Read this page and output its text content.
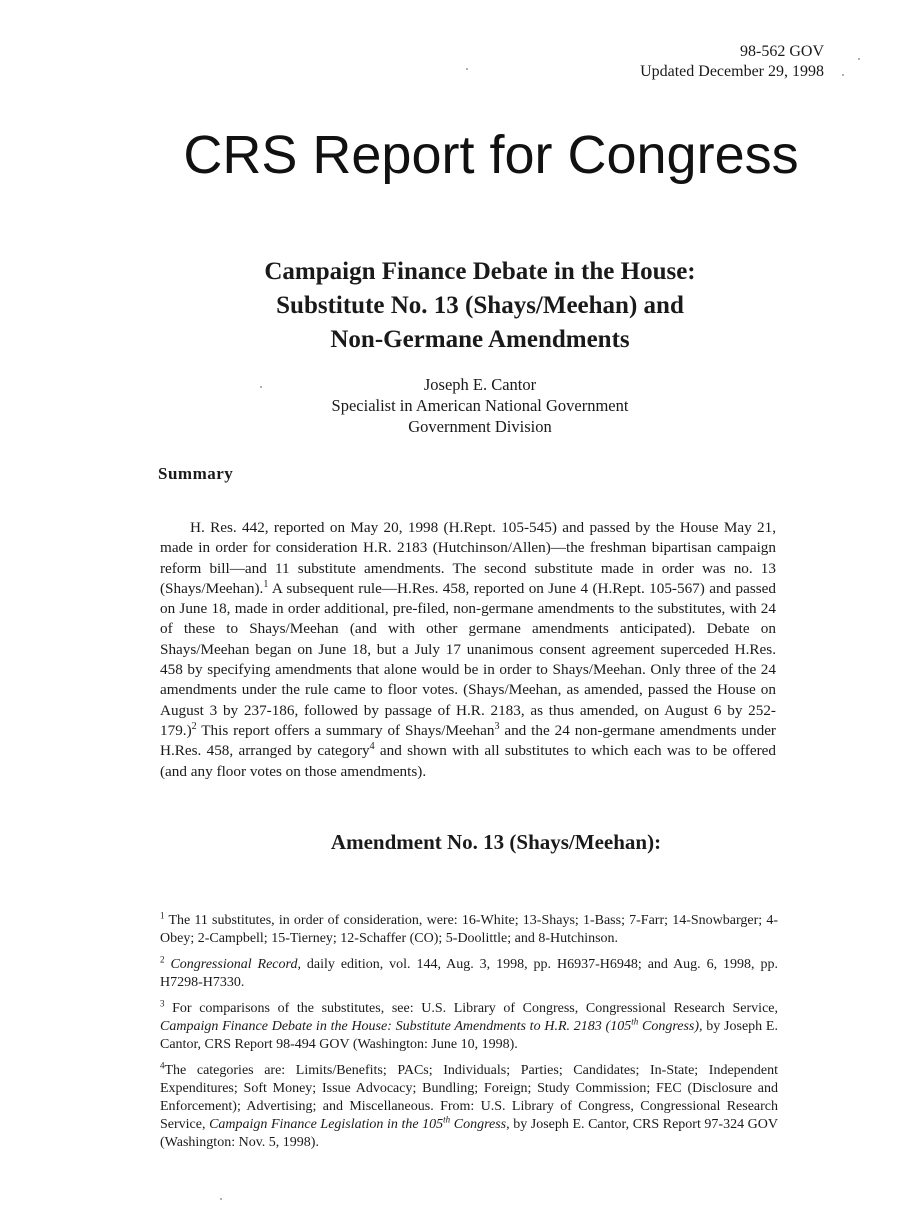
98-562 GOV
Updated December 29, 1998
CRS Report for Congress
Campaign Finance Debate in the House:
Substitute No. 13 (Shays/Meehan) and
Non-Germane Amendments
Joseph E. Cantor
Specialist in American National Government
Government Division
Summary

H. Res. 442, reported on May 20, 1998 (H.Rept. 105-545) and passed by the House May 21, made in order for consideration H.R. 2183 (Hutchinson/Allen)—the freshman bipartisan campaign reform bill—and 11 substitute amendments. The second substitute made in order was no. 13 (Shays/Meehan).$^1$ A subsequent rule—H.Res. 458, reported on June 4 (H.Rept. 105-567) and passed on June 18, made in order additional, pre-filed, non-germane amendments to the substitutes, with 24 of these to Shays/Meehan (and with other germane amendments anticipated). Debate on Shays/Meehan began on June 18, but a July 17 unanimous consent agreement superceded H.Res. 458 by specifying amendments that alone would be in order to Shays/Meehan. Only three of the 24 amendments under the rule came to floor votes. (Shays/Meehan, as amended, passed the House on August 3 by 237-186, followed by passage of H.R. 2183, as thus amended, on August 6 by 252-179.)$^2$ This report offers a summary of Shays/Meehan$^3$ and the 24 non-germane amendments under H.Res. 458, arranged by category$^4$ and shown with all substitutes to which each was to be offered (and any floor votes on those amendments).

Amendment No. 13 (Shays/Meehan):

$^1$ The 11 substitutes, in order of consideration, were: 16-White; 13-Shays; 1-Bass; 7-Farr; 14-Snowbarger; 4-Obey; 2-Campbell; 15-Tierney; 12-Schaffer (CO); 5-Doolittle; and 8-Hutchinson.

$^2$ Congressional Record, daily edition, vol. 144, Aug. 3, 1998, pp. H6937-H6948; and Aug. 6, 1998, pp. H7298-H7330.

$^3$ For comparisons of the substitutes, see: U.S. Library of Congress, Congressional Research Service, Campaign Finance Debate in the House: Substitute Amendments to H.R. 2183 (105th Congress), by Joseph E. Cantor, CRS Report 98-494 GOV (Washington: June 10, 1998).

$^4$The categories are: Limits/Benefits; PACs; Individuals; Parties; Candidates; In-State; Independent Expenditures; Soft Money; Issue Advocacy; Bundling; Foreign; Study Commission; FEC (Disclosure and Enforcement); Advertising; and Miscellaneous. From: U.S. Library of Congress, Congressional Research Service, Campaign Finance Legislation in the 105th Congress, by Joseph E. Cantor, CRS Report 97-324 GOV (Washington: Nov. 5, 1998).
